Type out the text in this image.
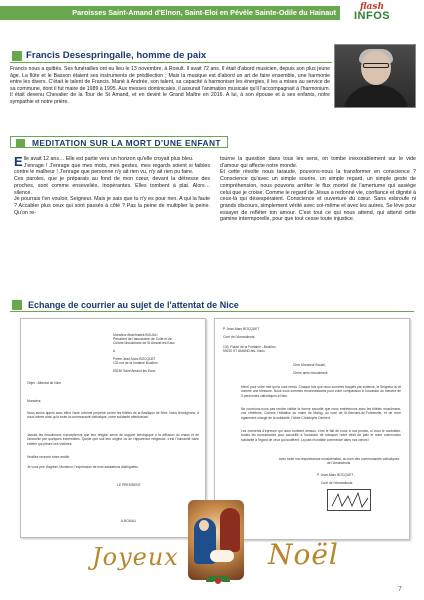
Paroisses Saint-Amand d'Elnon, Saint-Eloi en Pévèle Sainte-Odile du Hainaut
flash
INFOS
Francis Desespringalle, homme de paix
Francis nous a quittés. Ses funérailles ont eu lieu le 13 novembre, à Rosult. Il avait 72 ans. Il était d'abord musicien, depuis son plus jeune âge. La flûte et le Basson étaient ses instruments de prédilection ; Mais la musique est d'abord un art de faire ensemble, une harmonie entre les divers. C'était le talent de Francis. Marié à Andrée, son talent, sa capacité à harmoniser les énergies, il les a mises au service de sa commune, dont il fut maire de 1989 à 1995. Aux messes dominicales, il assurait l'animation musicale qu'il l'accompagnait à l'harmonium. Il était devenu Chevalier de la Tour de St Amand, et en devint le Grand Maître en 2016. A lui, à son épouse et à ses enfants, notre sympathie et notre prière.
MEDITATION SUR LA MORT D'UNE ENFANT

Elle avait 12 ans… Elle est partie vers un horizon qu'elle croyait plus bleu.

J'enrage ! J'enrage que mes mots, mes gestes, mes regards soient si faibles contre le malheur ! J'enrage que personne n'y ait rien vu, n'y ait rien pu faire.

Ces paroles, que je préparais au fond de mon cœur, devant la détresse des proches, sont comme enseveliés, inopérantes. Elles tombent à plat. Alors… silence.

Je pourrais t'en vouloir, Seigneur. Mais je sais que tu n'y es pour rien. A qui la faute ? Accabler plus ceux qui sont passés à côté ? Pas la peine de multiplier la peine. Qu'on re-

tourne la question dans tous les sens, on tombe inexorablement sur le vide d'amour qui affecte notre monde.

Et cette révolte nous taraude, pouvons-nous la transformer en conscience ? Conscience qu'avec un simple sourire, un simple regard, un simple geste de compréhension, nous pouvons arrêter le flux mortel de l'amertume qui assiège celui que je croise. Comme le regard de Jésus a redonné vie, confiance et dignité à ceux-là qui désespéraient. Conscience et ouverture du cœur. Sans esbroufe ni grands discours, simplement vérité avec soi-même et avec les autres. Se lève pour essayer de refléter ton amour. C'est tout ce qui nous attend, qui attend cette gamine intermporelle, pour que tout cesse toute injustice.

Echange de courrier au sujet de l'attentat de Nice
Monsieur Abdelmalek BOUALI
Président de l'association de Culte et de
Culture Musulmane de St Amand les Eaux
A
Prêtre Jean-Marc BOCQUET
133 rue de la fontaine Bouillon
59230 Saint Amand les Eaux
Objet : Attentat de Nice
Monsieur,
Nous avons appris avec effroi l'acte criminel perpétré contre les fidèles de la Basilique de Nice. Nous témoignons, à vous-même ainsi qu'à toute la communauté catholique, notre solidarité affectueuse.
Jamais les musulmans n'accepteront que leur religion serve de support idéologique à la diffusion du chaos et de l'anarchie par quelques extrémistes. Quelle que soit leur origine ou de l'apparence religieuse, c'est l'humanité toute entière qui pleure ces victimes.
Veuillez recevoir notre amitié.
Je vous prie d'agréer, Monsieur, l'expression de mes salutations distinguées.
LE PRESIDENT
A.BOUALI
P. Jean-Marc BOCQUET
Curé de l'Amandinois.
133, Route de la Fontaine –Bouillon-
59230 ST AMAND-les- Eaux.
Cher Monsieur Bouali,
Chers amis musulmans,
Merci pour votre mot qui te sont rendu. Chaque fois que nous sommes frappés par violence, le Seigneur la vit comme une blessure. Nous vous sommes reconnaissants pour votre compassion à l'occasion du meurtre de 3 personnes catholiques à Nice.
Ne pourrions-nous pas rendre visible la bonne sécurité que nous entretenons avec les fidèles musulmans, nos chrétiens. Comme l'initiative du maire de Maing, du curé de St-Bernard-de-Fontenelle, et de vivre également chargé de la solidarité, l'Abbé Christophe Dechert.
Les moments d'épreuve qui nous tombent dessus, c'est le fait de nous à nos jeunes, si vous le souhaitez, toutes les musulmanes pour accueillir à l'occasion de manquer notre désir de paix et notre communion solidarité à l'égard de ceux qui souffrent. La paix mondiale commence dans nos cœurs !
Avec toute ma respectueuse considération, au nom des communautés catholiques de l'Amandinois.
P. Jean-Marc BOCQUET ,
Curé de l'Amandinois.
Joyeux	Noël
7
